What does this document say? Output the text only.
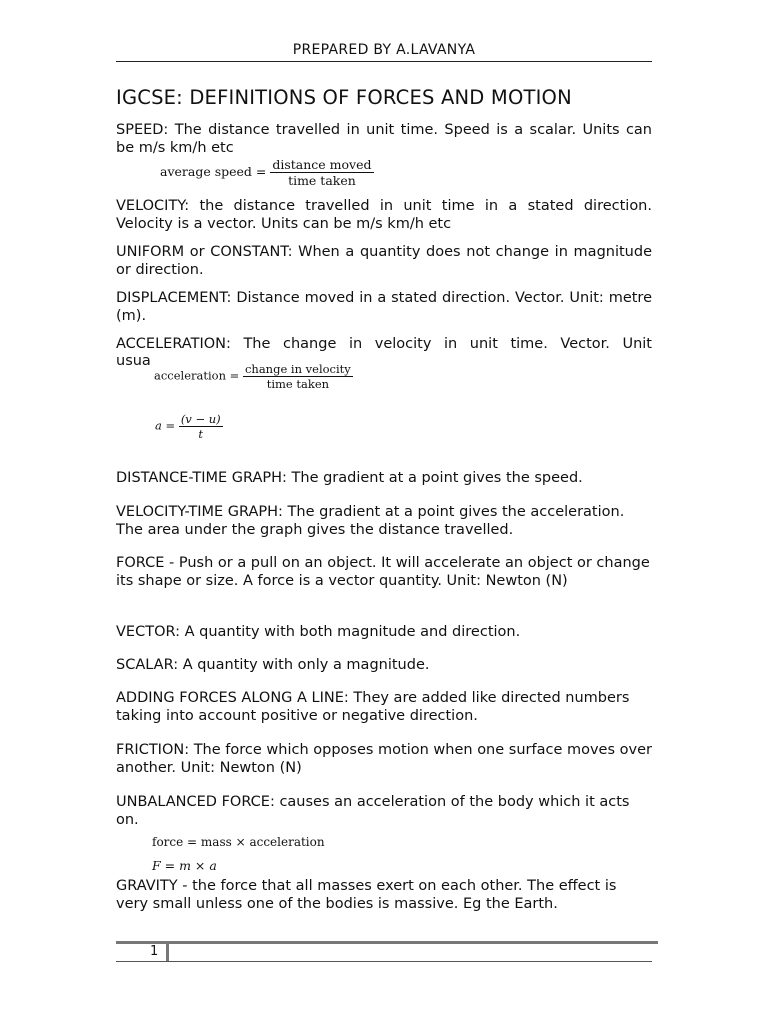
PREPARED BY A.LAVANYA
IGCSE: DEFINITIONS OF FORCES AND MOTION

SPEED: The distance travelled in unit time. Speed is a scalar. Units can be m/s km/h etc

average speed = $\frac{\text{distance moved}}{\text{time taken}}$

VELOCITY: the distance travelled in unit time in a stated direction. Velocity is a vector. Units can be m/s km/h etc

UNIFORM or CONSTANT: When a quantity does not change in magnitude or direction.

DISPLACEMENT: Distance moved in a stated direction. Vector. Unit: metre (m).

ACCELERATION: The change in velocity in unit time. Vector. Unit

usua

acceleration = $\frac{\text{change in velocity}}{\text{time taken}}$
$a = \frac{(v - u)}{t}$

DISTANCE-TIME GRAPH: The gradient at a point gives the speed.

VELOCITY-TIME GRAPH: The gradient at a point gives the acceleration. The area under the graph gives the distance travelled.

FORCE - Push or a pull on an object. It will accelerate an object or change its shape or size. A force is a vector quantity. Unit: Newton (N)

VECTOR: A quantity with both magnitude and direction.

SCALAR: A quantity with only a magnitude.

ADDING FORCES ALONG A LINE: They are added like directed numbers taking into account positive or negative direction.

FRICTION: The force which opposes motion when one surface moves over another. Unit: Newton (N)

UNBALANCED FORCE: causes an acceleration of the body which it acts on.

force = mass × acceleration
F = m × a

GRAVITY - the force that all masses exert on each other. The effect is very small unless one of the bodies is massive. Eg the Earth.

1
